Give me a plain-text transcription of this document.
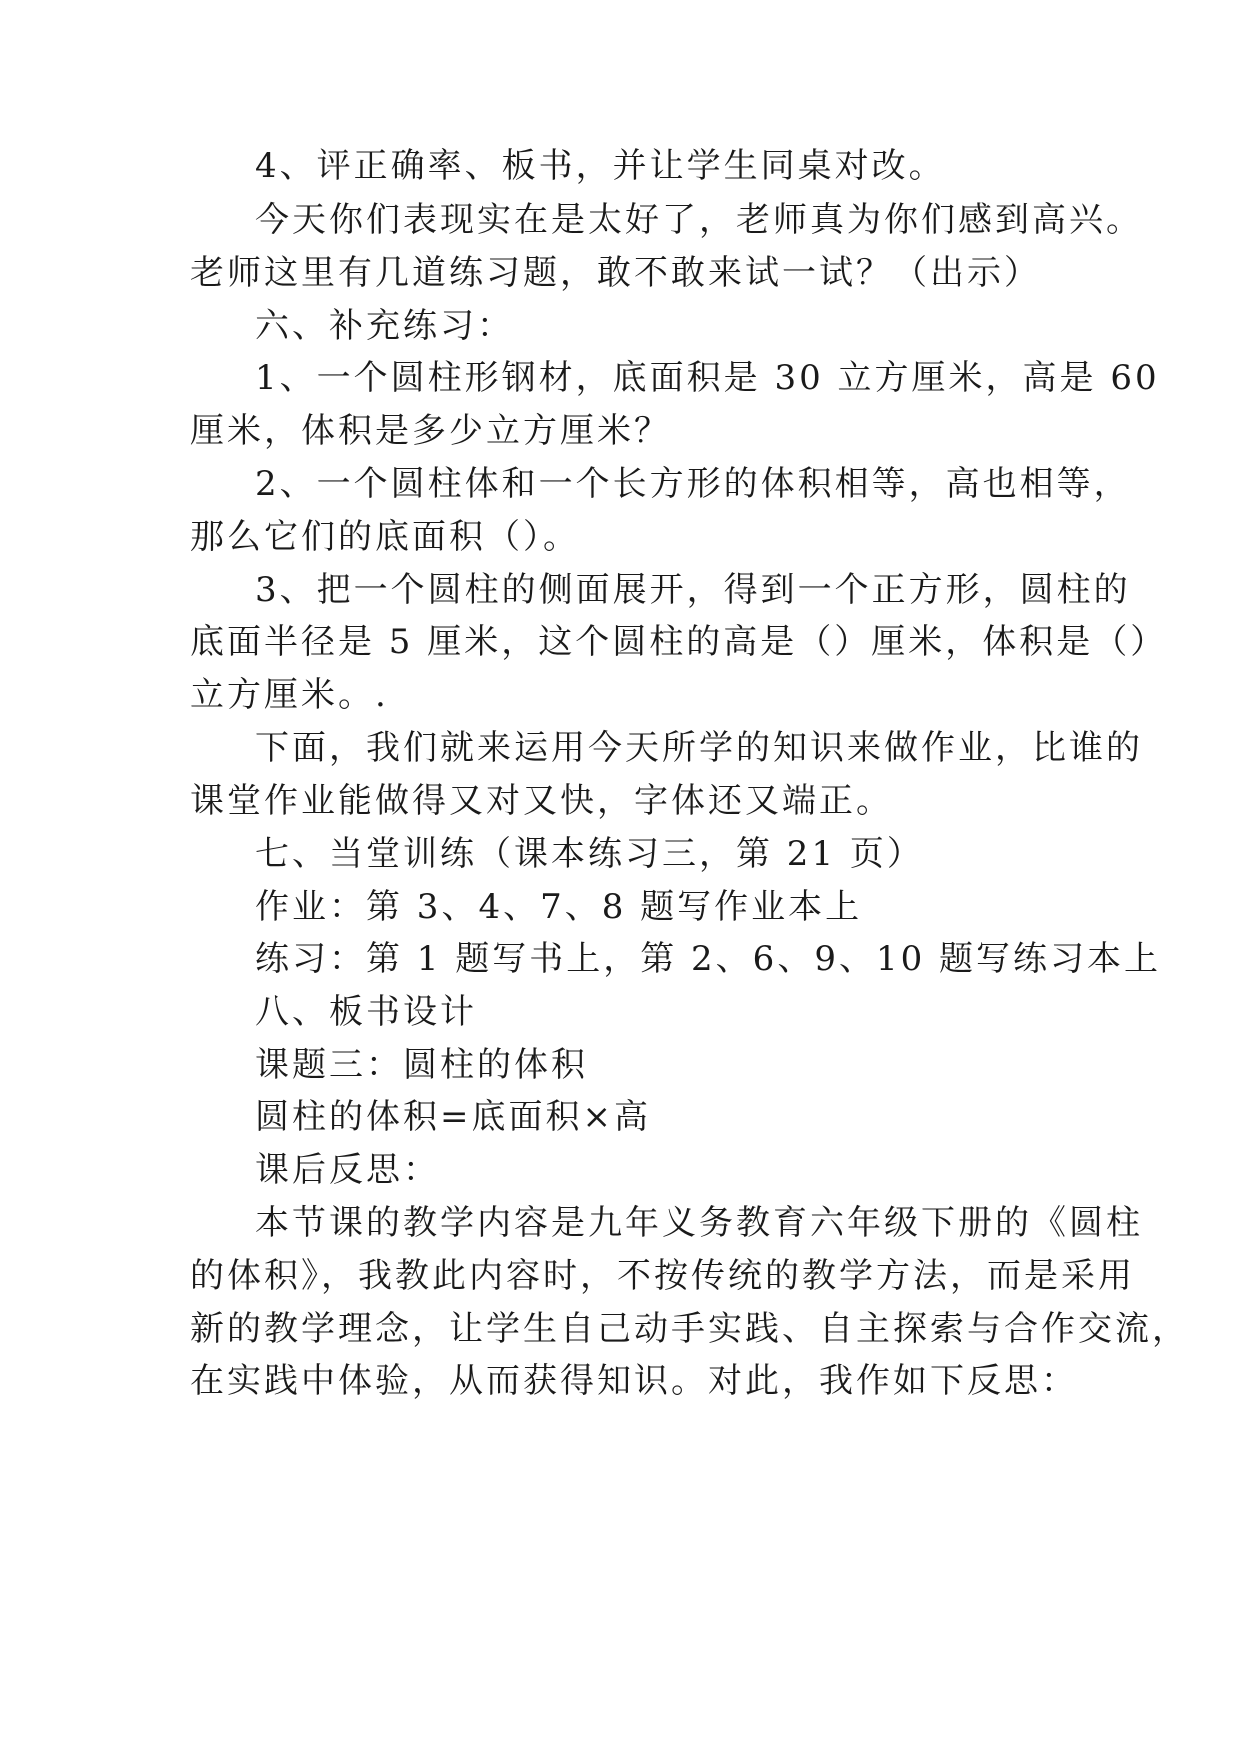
4、评正确率、板书，并让学生同桌对改。

今天你们表现实在是太好了，老师真为你们感到高兴。

老师这里有几道练习题，敢不敢来试一试？（出示）

六、补充练习：

1、一个圆柱形钢材，底面积是 30 立方厘米，高是 60

厘米，体积是多少立方厘米？

2、一个圆柱体和一个长方形的体积相等，高也相等，

那么它们的底面积（）。

3、把一个圆柱的侧面展开，得到一个正方形，圆柱的

底面半径是 5 厘米，这个圆柱的高是（）厘米，体积是（）

立方厘米。.

下面，我们就来运用今天所学的知识来做作业，比谁的

课堂作业能做得又对又快，字体还又端正。

七、当堂训练（课本练习三，第 21 页）

作业：第 3、4、7、8 题写作业本上

练习：第 1 题写书上，第 2、6、9、10 题写练习本上

八、板书设计

课题三：圆柱的体积

圆柱的体积=底面积×高

课后反思：

本节课的教学内容是九年义务教育六年级下册的《圆柱

的体积》，我教此内容时，不按传统的教学方法，而是采用

新的教学理念，让学生自己动手实践、自主探索与合作交流，

在实践中体验，从而获得知识。对此，我作如下反思：
